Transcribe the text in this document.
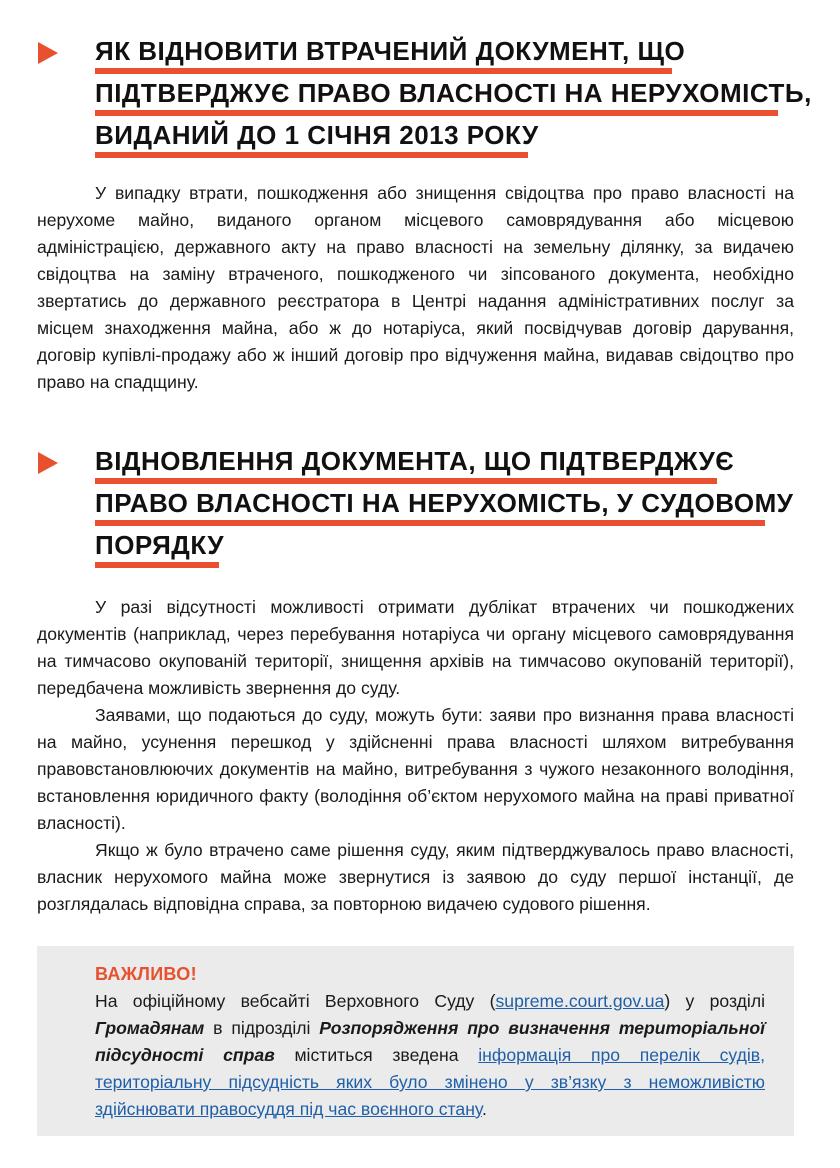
ЯК ВІДНОВИТИ ВТРАЧЕНИЙ ДОКУМЕНТ, ЩО
ПІДТВЕРДЖУЄ ПРАВО ВЛАСНОСТІ НА НЕРУХОМІСТЬ,
ВИДАНИЙ ДО 1 СІЧНЯ 2013 РОКУ

У випадку втрати, пошкодження або знищення свідоцтва про право власності на нерухоме майно, виданого органом місцевого самоврядування або місцевою адміністрацією, державного акту на право власності на земельну ділянку, за видачею свідоцтва на заміну втраченого, пошкодженого чи зіпсованого документа, необхідно звертатись до державного реєстратора в Центрі надання адміністративних послуг за місцем знаходження майна, або ж до нотаріуса, який посвідчував договір дарування, договір купівлі-продажу або ж інший договір про відчуження майна, видавав свідоцтво про право на спадщину.

ВІДНОВЛЕННЯ ДОКУМЕНТА, ЩО ПІДТВЕРДЖУЄ
ПРАВО ВЛАСНОСТІ НА НЕРУХОМІСТЬ, У СУДОВОМУ
ПОРЯДКУ

У разі відсутності можливості отримати дублікат втрачених чи пошкоджених документів (наприклад, через перебування нотаріуса чи органу місцевого самоврядування на тимчасово окупованій території, знищення архівів на тимчасово окупованій території), передбачена можливість звернення до суду.

Заявами, що подаються до суду, можуть бути: заяви про визнання права власності на майно, усунення перешкод у здійсненні права власності шляхом витребування правовстановлюючих документів на майно, витребування з чужого незаконного володіння, встановлення юридичного факту (володіння об’єктом нерухомого майна на праві приватної власності).

Якщо ж було втрачено саме рішення суду, яким підтверджувалось право власності, власник нерухомого майна може звернутися із заявою до суду першої інстанції, де розглядалась відповідна справа, за повторною видачею судового рішення.

ВАЖЛИВО!
На офіційному вебсайті Верховного Суду (supreme.court.gov.ua) у розділі Громадянам в підрозділі Розпорядження про визначення територіальної підсудності справ міститься зведена інформація про перелік судів, територіальну підсудність яких було змінено у зв’язку з неможливістю здійснювати правосуддя під час воєнного стану.
